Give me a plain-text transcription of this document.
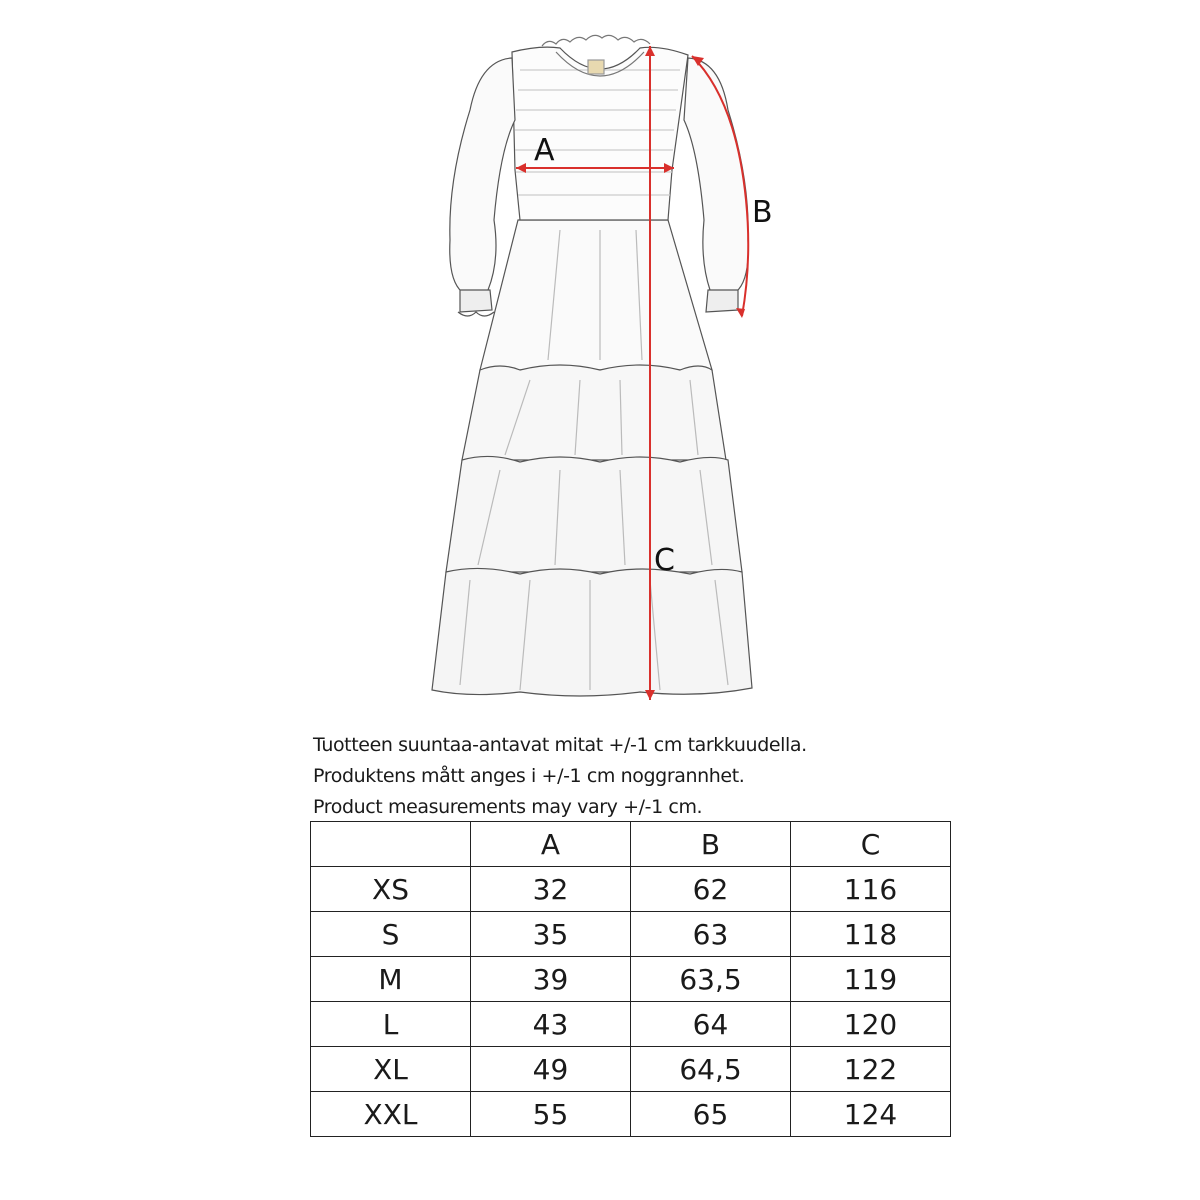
A
B
C
Tuotteen suuntaa-antavat mitat +/-1 cm tarkkuudella.
Produktens mått anges i +/-1 cm noggrannhet.
Product measurements may vary +/-1 cm.
	A	B	C
XS	32	62	116
S	35	63	118
M	39	63,5	119
L	43	64	120
XL	49	64,5	122
XXL	55	65	124
